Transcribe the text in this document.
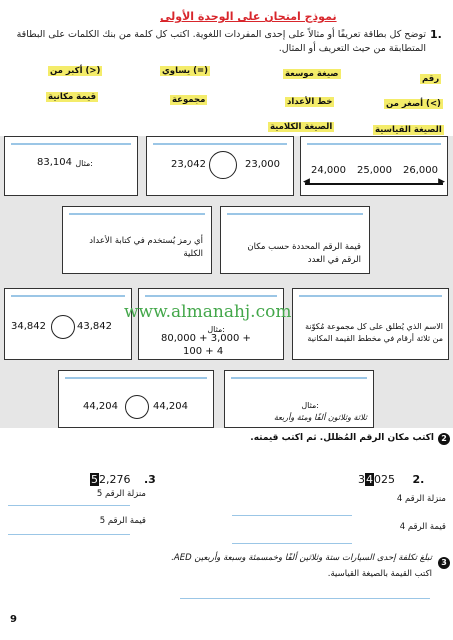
نموذج امتحان على الوحدة الأولى
1.
توضح كل بطاقة تعريفًا أو مثالاً على إحدى المفردات اللغوية. اكتب كل كلمة من بنك الكلمات على البطاقة المتطابقة من حيث التعريف أو المثال.
أكبر من (>)	يساوي (=)	صيغة موسعة	رقم
قيمة مكانية	مجموعة	خط الأعداد	أصغر من (<)
الصيغة الكلامية	الصيغة القياسية
مثال:
83,104	23,042	23,000
24,000 25,000 26,000
◀	▶
أي رمز يُستخدم في كتابة الأعداد الكلية
قيمة الرقم المحددة حسب مكان الرقم في العدد
34,842	43,842	مثال:
80,000 + 3,000 +
100 + 4
الاسم الذي يُطلق على كل مجموعة مُكوّنة من ثلاثة أرقام في مخطط القيمة المكانية
44,204	44,204	مثال:
ثلاثة وثلاثون ألفًا ومئة وأربعة
www.almanahj.com
2
اكتب مكان الرقم المُظلل. ثم اكتب قيمته.
34025 2.
منزلة الرقم 4
قيمة الرقم 4
52,276 .3
منزلة الرقم 5
قيمة الرقم 5
3
تبلغ تكلفة إحدى السيارات ستة وثلاثين ألفًا وخمسمئة وسبعة وأربعين AED.
اكتب القيمة بالصيغة القياسية.
9
